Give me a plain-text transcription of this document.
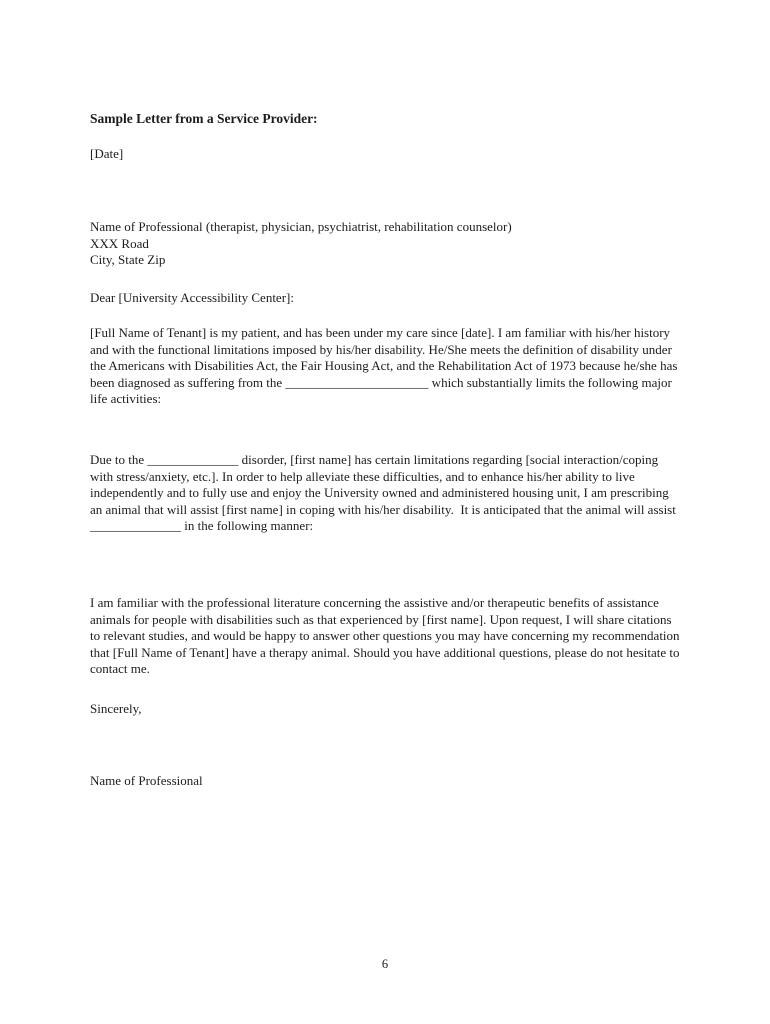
Sample Letter from a Service Provider:
[Date]

Name of Professional (therapist, physician, psychiatrist, rehabilitation counselor)

XXX Road

City, State Zip

Dear [University Accessibility Center]:

[Full Name of Tenant] is my patient, and has been under my care since [date]. I am familiar with his/her history and with the functional limitations imposed by his/her disability. He/She meets the definition of disability under the Americans with Disabilities Act, the Fair Housing Act, and the Rehabilitation Act of 1973 because he/she has been diagnosed as suffering from the ______________________ which substantially limits the following major life activities:

Due to the ______________ disorder, [first name] has certain limitations regarding [social interaction/coping with stress/anxiety, etc.]. In order to help alleviate these difficulties, and to enhance his/her ability to live independently and to fully use and enjoy the University owned and administered housing unit, I am prescribing an animal that will assist [first name] in coping with his/her disability.  It is anticipated that the animal will assist ______________ in the following manner:

I am familiar with the professional literature concerning the assistive and/or therapeutic benefits of assistance animals for people with disabilities such as that experienced by [first name]. Upon request, I will share citations to relevant studies, and would be happy to answer other questions you may have concerning my recommendation that [Full Name of Tenant] have a therapy animal. Should you have additional questions, please do not hesitate to contact me.

Sincerely,
Name of Professional
6
